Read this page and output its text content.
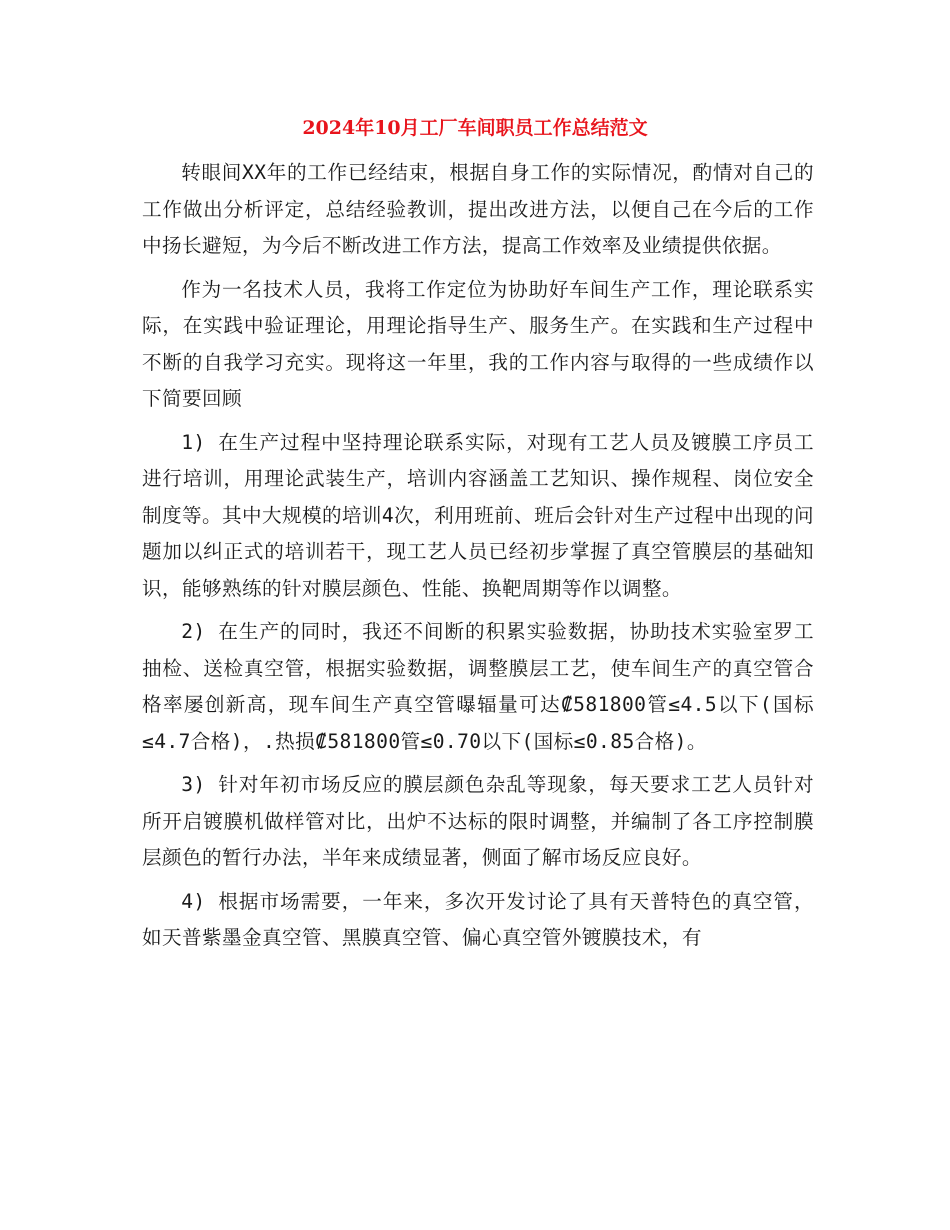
2024年10月工厂车间职员工作总结范文

转眼间XX年的工作已经结束，根据自身工作的实际情况，酌情对自己的工作做出分析评定，总结经验教训，提出改进方法，以便自己在今后的工作中扬长避短，为今后不断改进工作方法，提高工作效率及业绩提供依据。

作为一名技术人员，我将工作定位为协助好车间生产工作，理论联系实际，在实践中验证理论，用理论指导生产、服务生产。在实践和生产过程中不断的自我学习充实。现将这一年里，我的工作内容与取得的一些成绩作以下简要回顾

1) 在生产过程中坚持理论联系实际，对现有工艺人员及镀膜工序员工进行培训，用理论武装生产，培训内容涵盖工艺知识、操作规程、岗位安全制度等。其中大规模的培训4次，利用班前、班后会针对生产过程中出现的问题加以纠正式的培训若干，现工艺人员已经初步掌握了真空管膜层的基础知识，能够熟练的针对膜层颜色、性能、换靶周期等作以调整。

2) 在生产的同时，我还不间断的积累实验数据，协助技术实验室罗工抽检、送检真空管，根据实验数据，调整膜层工艺，使车间生产的真空管合格率屡创新高，现车间生产真空管曝辐量可达₡581800管≤4.5以下(国标≤4.7合格)，.热损₡581800管≤0.70以下(国标≤0.85合格)。

3) 针对年初市场反应的膜层颜色杂乱等现象，每天要求工艺人员针对所开启镀膜机做样管对比，出炉不达标的限时调整，并编制了各工序控制膜层颜色的暂行办法，半年来成绩显著，侧面了解市场反应良好。

4) 根据市场需要，一年来，多次开发讨论了具有天普特色的真空管，如天普紫墨金真空管、黑膜真空管、偏心真空管外镀膜技术，有
